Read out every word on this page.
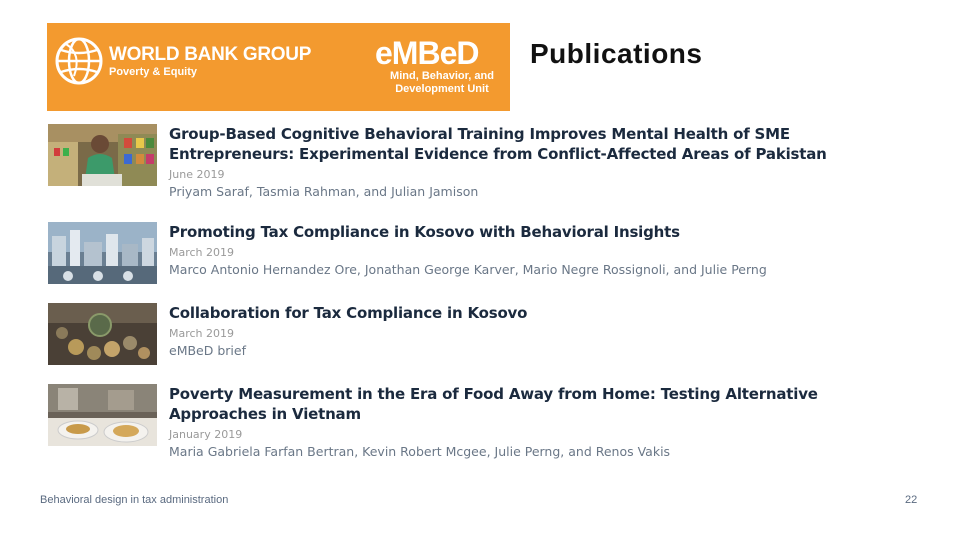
WORLD BANK GROUP
Poverty & Equity
eMBeD
Mind, Behavior, and Development Unit
Publications
Group-Based Cognitive Behavioral Training Improves Mental Health of SME Entrepreneurs: Experimental Evidence from Conflict-Affected Areas of Pakistan
June 2019
Priyam Saraf, Tasmia Rahman, and Julian Jamison
Promoting Tax Compliance in Kosovo with Behavioral Insights
March 2019
Marco Antonio Hernandez Ore, Jonathan George Karver, Mario Negre Rossignoli, and Julie Perng
Collaboration for Tax Compliance in Kosovo
March 2019
eMBeD brief
Poverty Measurement in the Era of Food Away from Home: Testing Alternative Approaches in Vietnam
January 2019
Maria Gabriela Farfan Bertran, Kevin Robert Mcgee, Julie Perng, and Renos Vakis
Behavioral design in tax administration	22
